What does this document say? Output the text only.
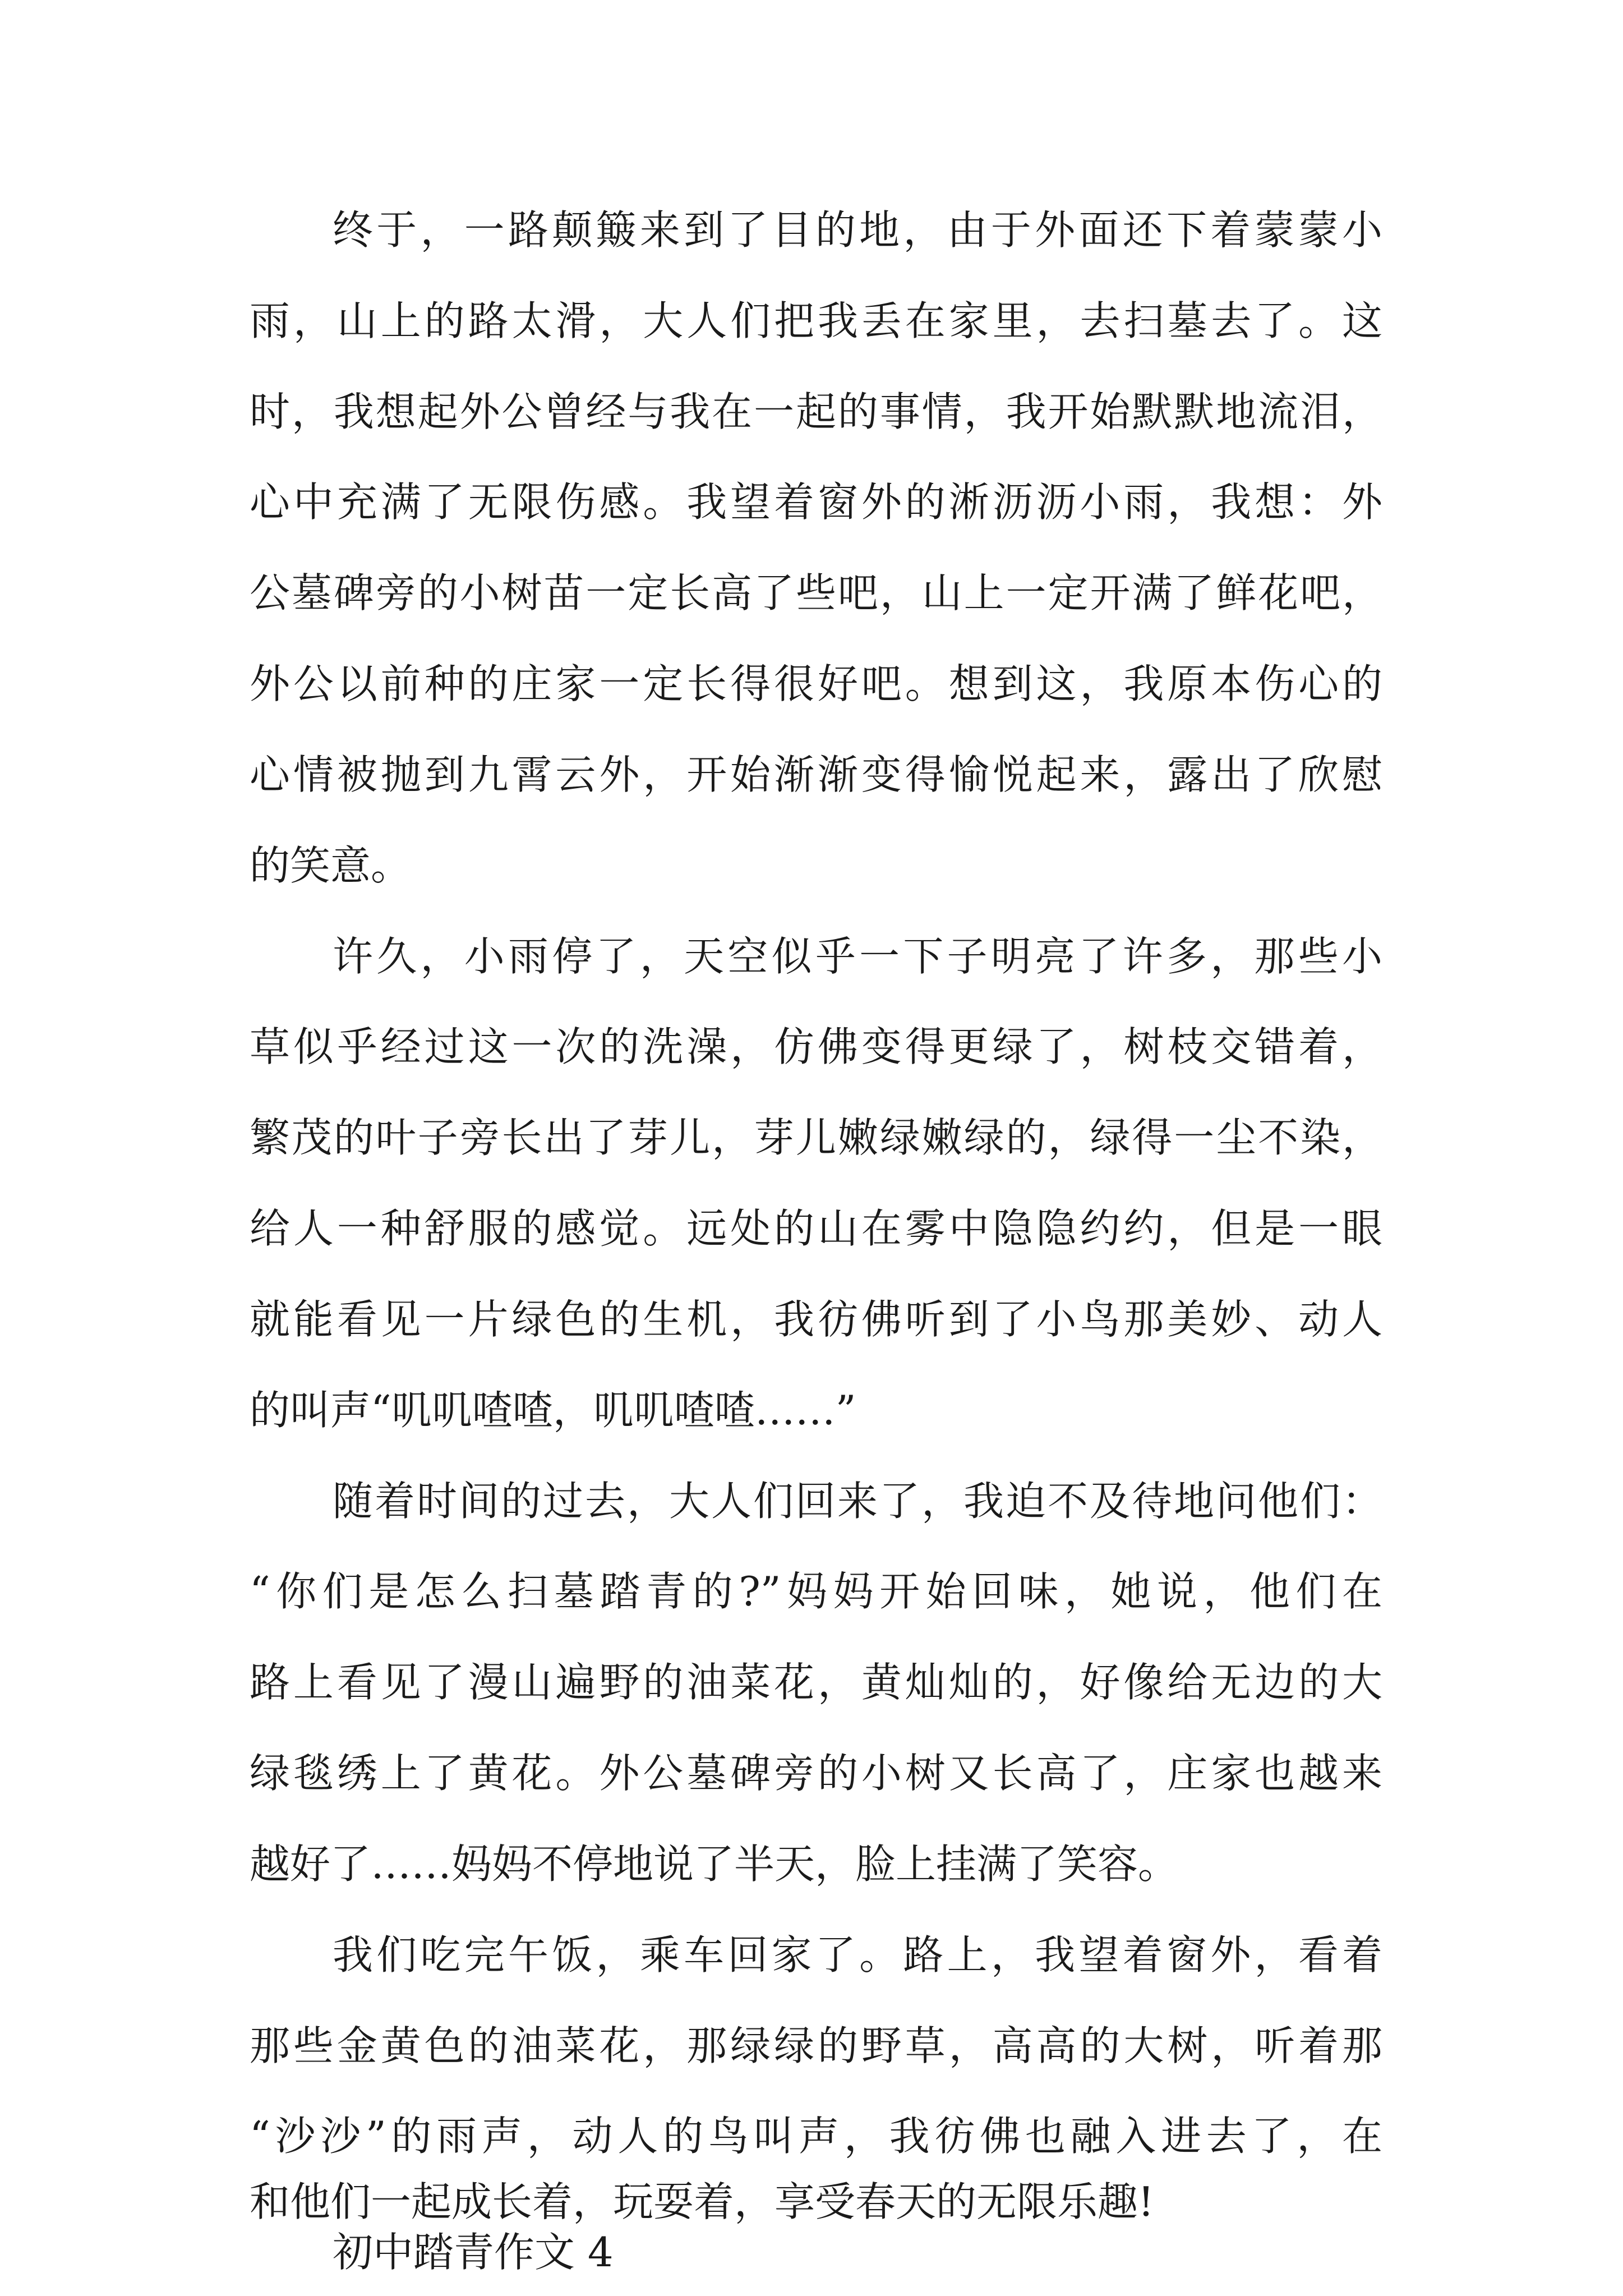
终于，一路颠簸来到了目的地，由于外面还下着蒙蒙小
雨，山上的路太滑，大人们把我丢在家里，去扫墓去了。这
时，我想起外公曾经与我在一起的事情，我开始默默地流泪，
心中充满了无限伤感。我望着窗外的淅沥沥小雨，我想：外
公墓碑旁的小树苗一定长高了些吧，山上一定开满了鲜花吧，
外公以前种的庄家一定长得很好吧。想到这，我原本伤心的
心情被抛到九霄云外，开始渐渐变得愉悦起来，露出了欣慰
的笑意。
许久，小雨停了，天空似乎一下子明亮了许多，那些小
草似乎经过这一次的洗澡，仿佛变得更绿了，树枝交错着，
繁茂的叶子旁长出了芽儿，芽儿嫩绿嫩绿的，绿得一尘不染，
给人一种舒服的感觉。远处的山在雾中隐隐约约，但是一眼
就能看见一片绿色的生机，我彷佛听到了小鸟那美妙、动人
的叫声“叽叽喳喳，叽叽喳喳……”
随着时间的过去，大人们回来了，我迫不及待地问他们：
“你们是怎么扫墓踏青的?”妈妈开始回味，她说，他们在
路上看见了漫山遍野的油菜花，黄灿灿的，好像给无边的大
绿毯绣上了黄花。外公墓碑旁的小树又长高了，庄家也越来
越好了……妈妈不停地说了半天，脸上挂满了笑容。
我们吃完午饭，乘车回家了。路上，我望着窗外，看着
那些金黄色的油菜花，那绿绿的野草，高高的大树，听着那
“沙沙”的雨声，动人的鸟叫声，我彷佛也融入进去了，在
和他们一起成长着，玩耍着，享受春天的无限乐趣!
初中踏青作文 4
